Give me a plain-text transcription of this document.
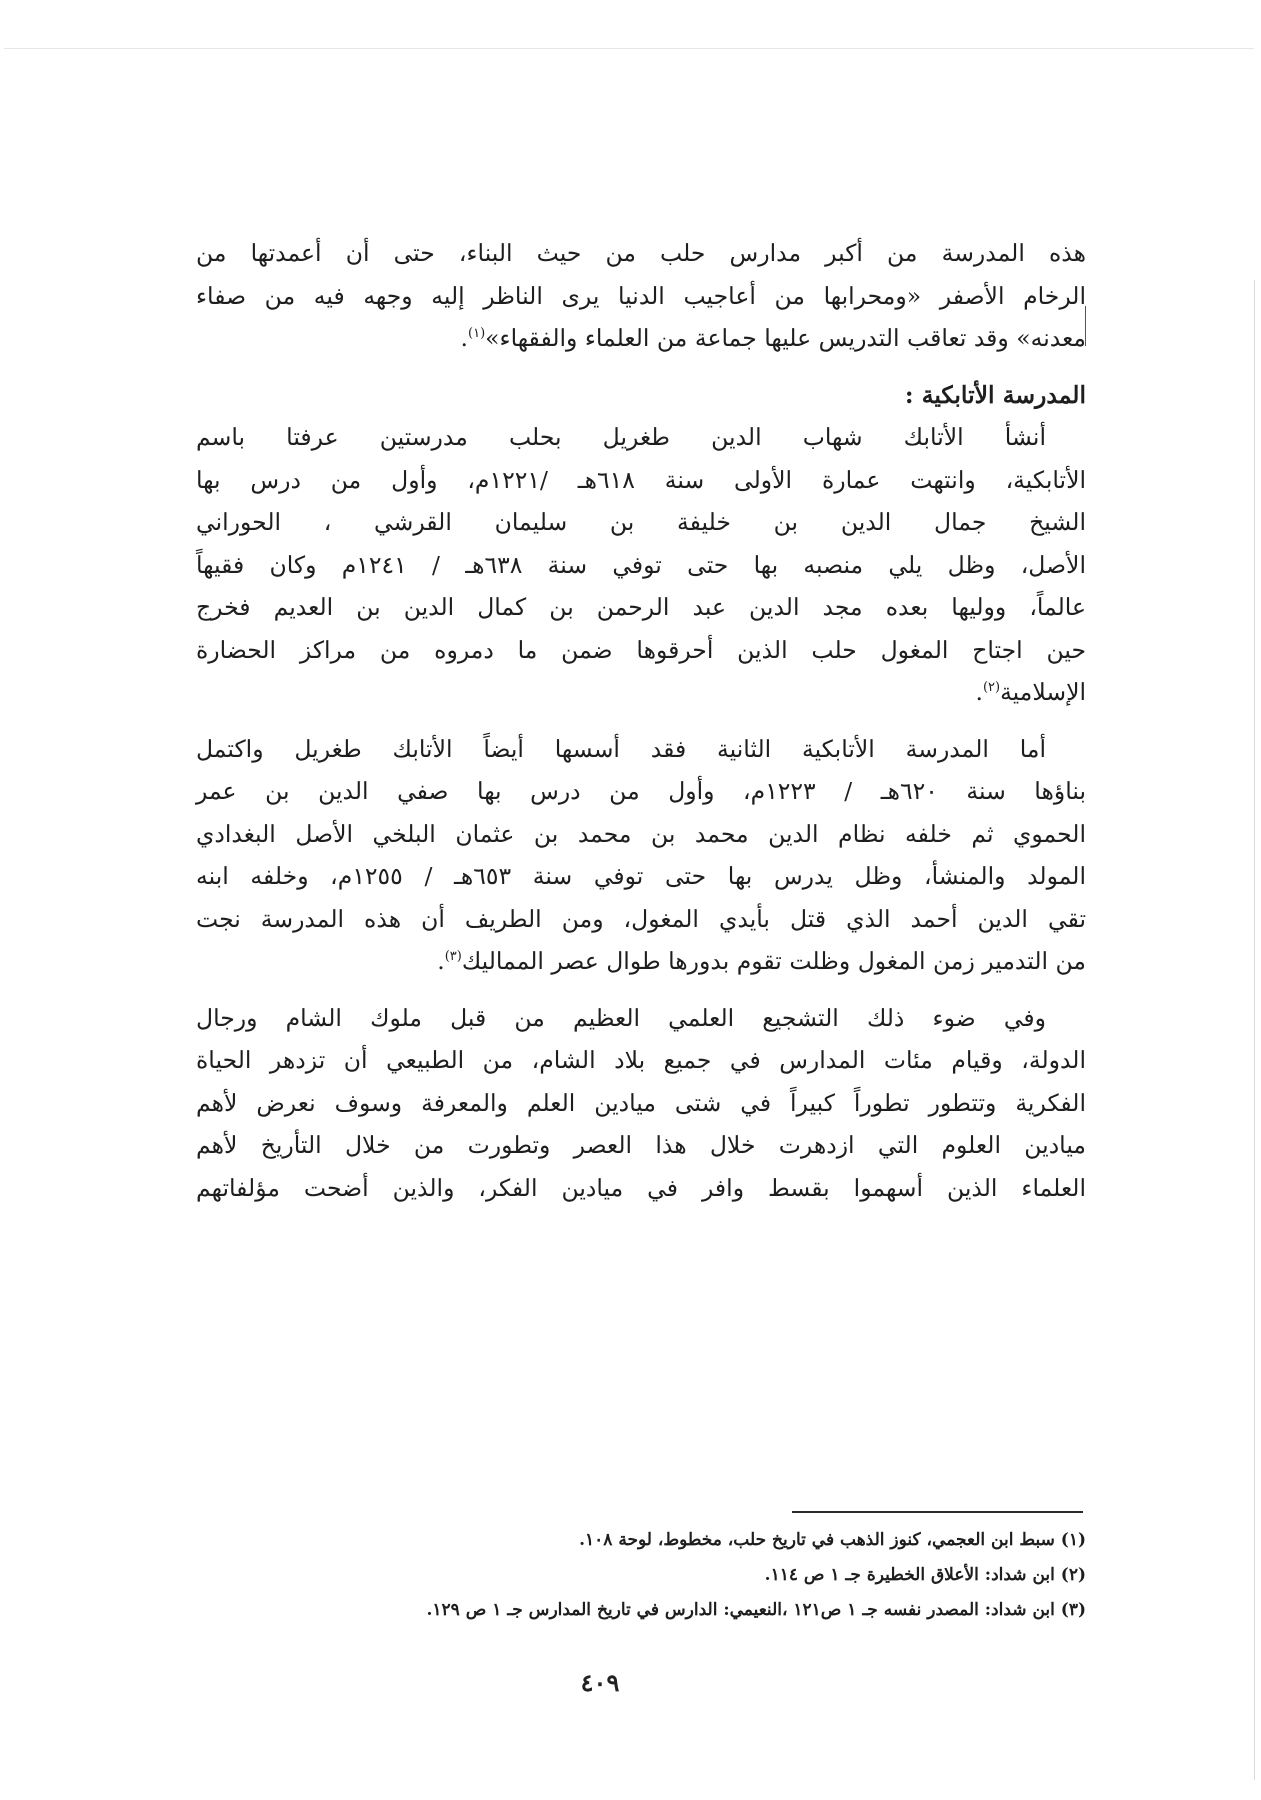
هذه المدرسة من أكبر مدارس حلب من حيث البناء، حتى أن أعمدتها من
الرخام الأصفر «ومحرابها من أعاجيب الدنيا يرى الناظر إليه وجهه فيه من صفاء
معدنه» وقد تعاقب التدريس عليها جماعة من العلماء والفقهاء»$^{(١)}$.
المدرسة الأتابكية :
أنشأ الأتابك شهاب الدين طغريل بحلب مدرستين عرفتا باسم
الأتابكية، وانتهت عمارة الأولى سنة ٦١٨هـ /١٢٢١م، وأول من درس بها
الشيخ جمال الدين بن خليفة بن سليمان القرشي ، الحوراني
الأصل، وظل يلي منصبه بها حتى توفي سنة ٦٣٨هـ / ١٢٤١م وكان فقيهاً
عالماً، ووليها بعده مجد الدين عبد الرحمن بن كمال الدين بن العديم فخرج
حين اجتاح المغول حلب الذين أحرقوها ضمن ما دمروه من مراكز الحضارة
الإسلامية$^{(٢)}$.
أما المدرسة الأتابكية الثانية فقد أسسها أيضاً الأتابك طغريل واكتمل
بناؤها سنة ٦٢٠هـ / ١٢٢٣م، وأول من درس بها صفي الدين بن عمر
الحموي ثم خلفه نظام الدين محمد بن محمد بن عثمان البلخي الأصل البغدادي
المولد والمنشأ، وظل يدرس بها حتى توفي سنة ٦٥٣هـ / ١٢٥٥م، وخلفه ابنه
تقي الدين أحمد الذي قتل بأيدي المغول، ومن الطريف أن هذه المدرسة نجت
من التدمير زمن المغول وظلت تقوم بدورها طوال عصر المماليك$^{(٣)}$.
وفي ضوء ذلك التشجيع العلمي العظيم من قبل ملوك الشام ورجال
الدولة، وقيام مئات المدارس في جميع بلاد الشام، من الطبيعي أن تزدهر الحياة
الفكرية وتتطور تطوراً كبيراً في شتى ميادين العلم والمعرفة وسوف نعرض لأهم
ميادين العلوم التي ازدهرت خلال هذا العصر وتطورت من خلال التأريخ لأهم
العلماء الذين أسهموا بقسط وافر في ميادين الفكر، والذين أضحت مؤلفاتهم
(١) سبط ابن العجمي، كنوز الذهب في تاريخ حلب، مخطوط، لوحة ١٠٨.
(٢) ابن شداد: الأعلاق الخطيرة جـ ١ ص ١١٤.
(٣) ابن شداد: المصدر نفسه جـ ١ ص١٢١ ،النعيمي: الدارس في تاريخ المدارس جـ ١ ص ١٢٩.
٤٠٩
